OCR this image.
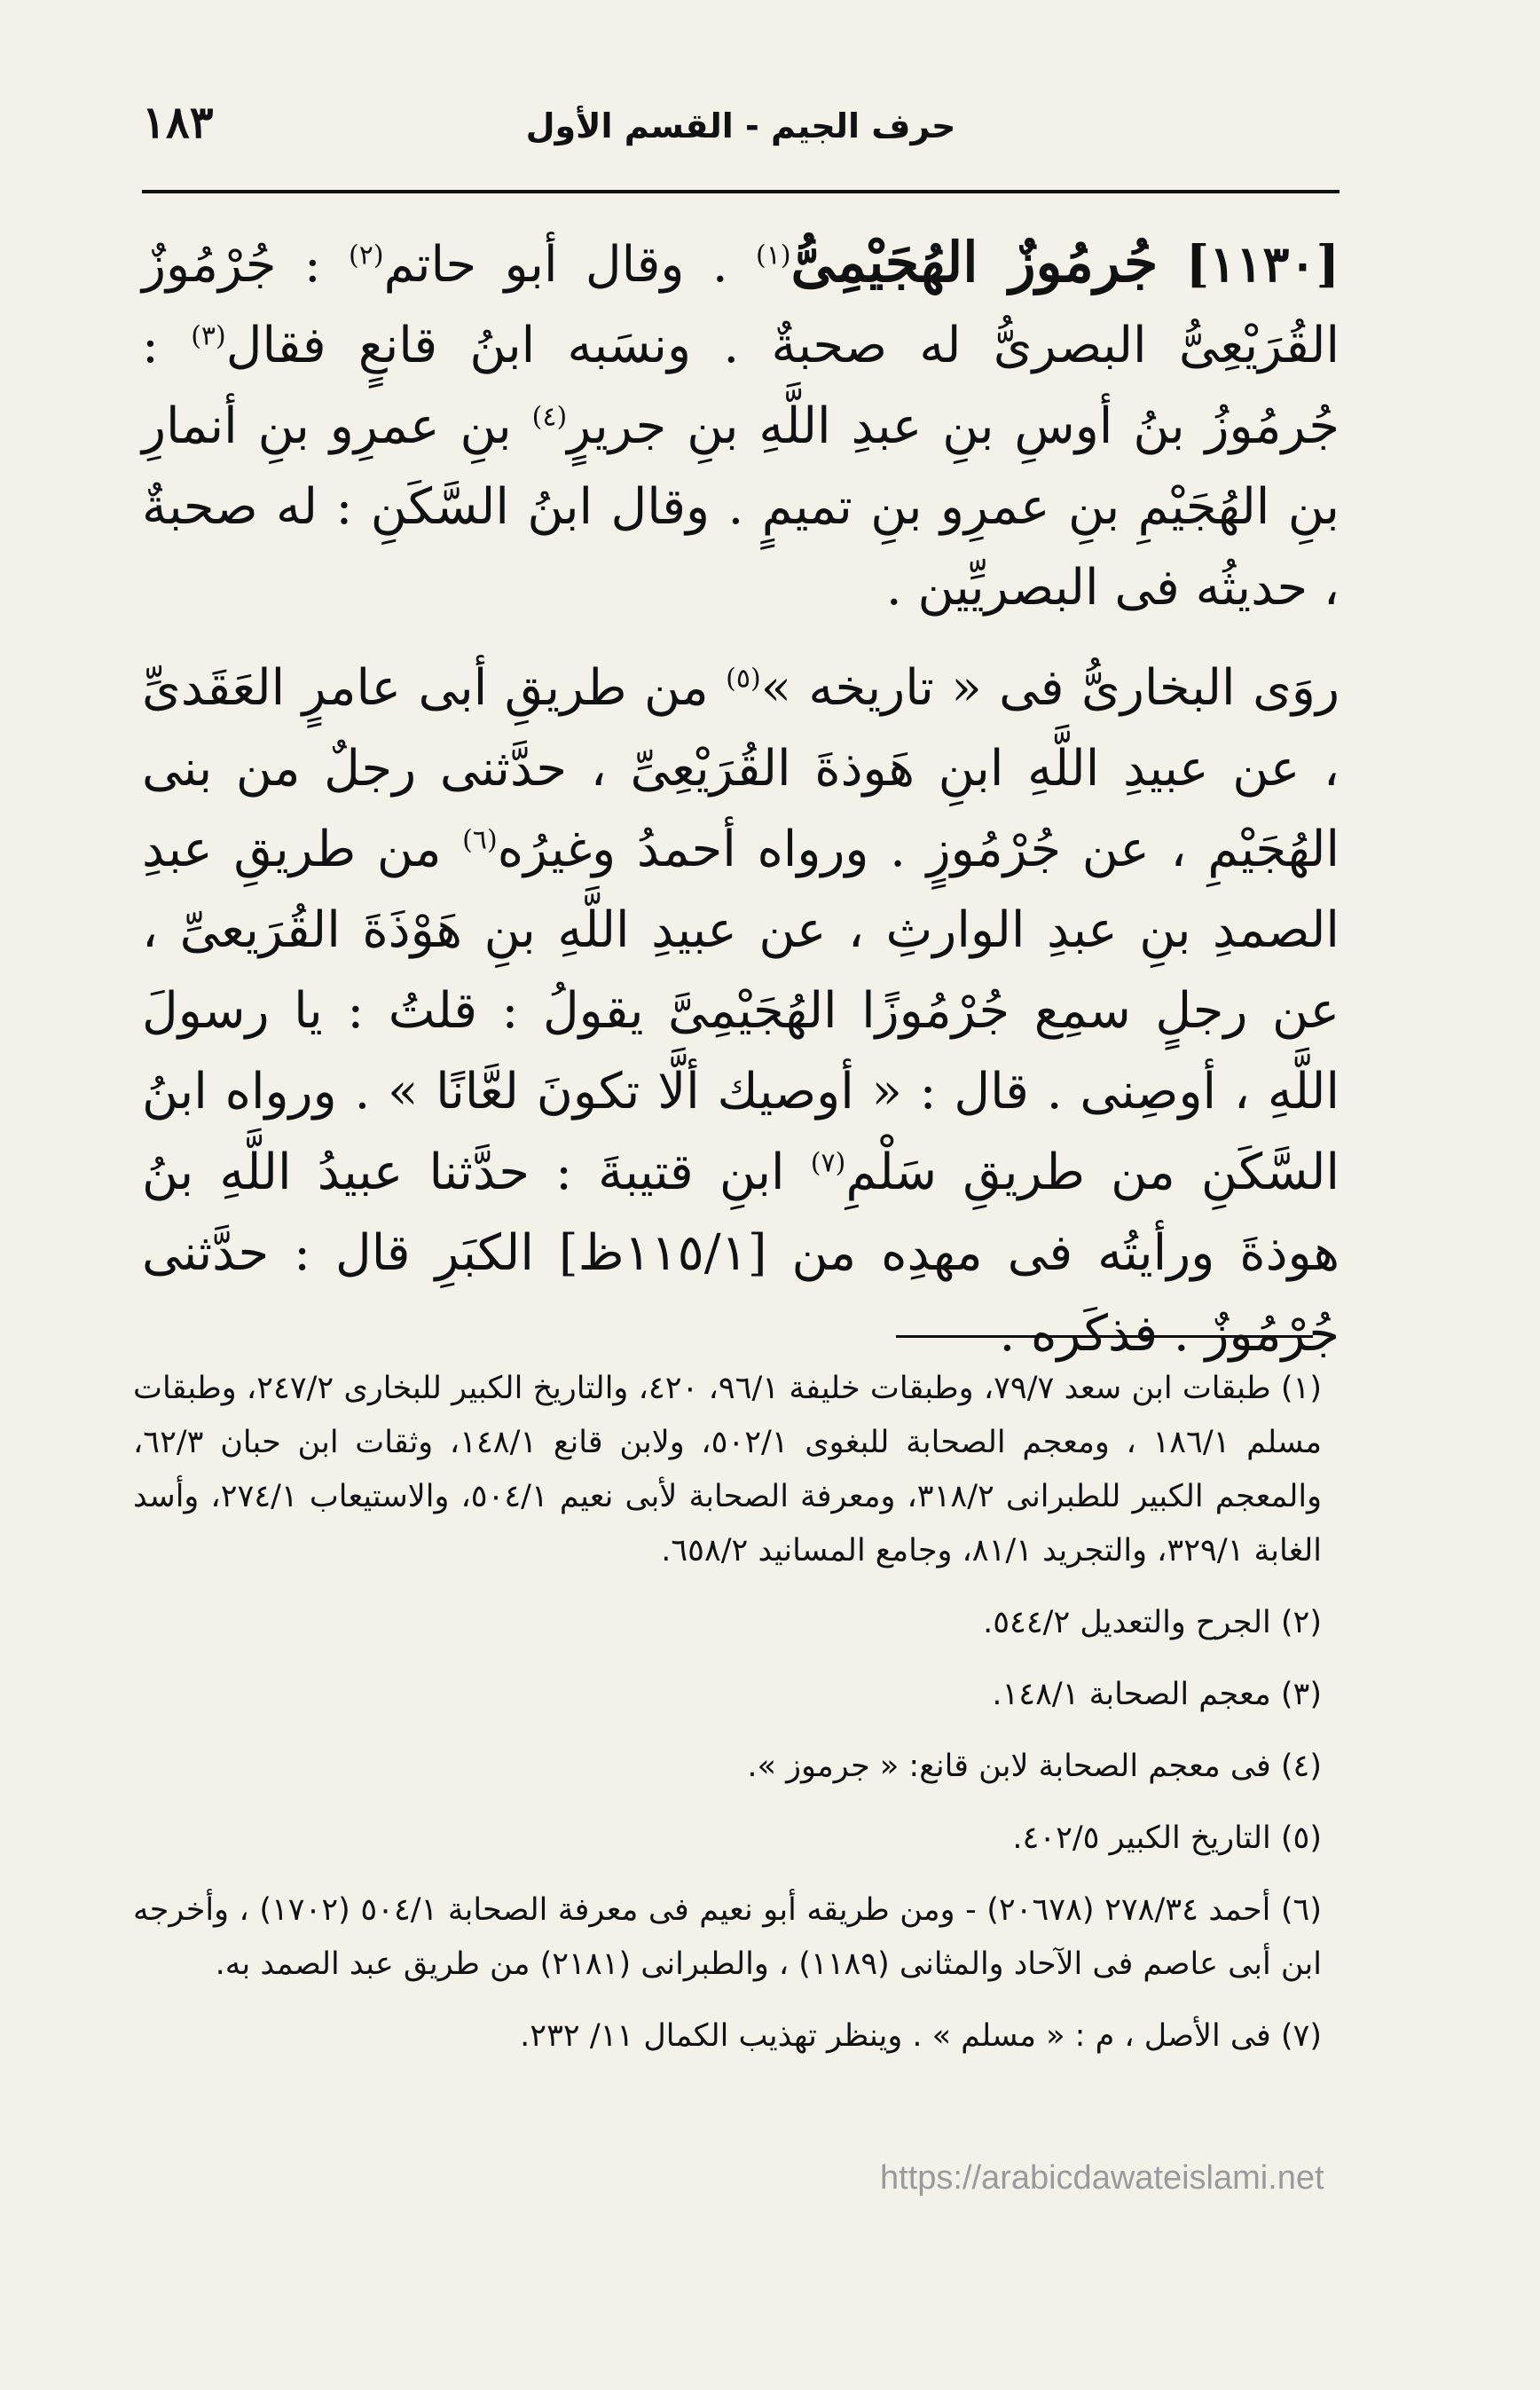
١٨٣	حرف الجيم - القسم الأول

[١١٣٠] جُرمُوزٌ الهُجَيْمِىُّ$^{(١)}$ . وقال أبو حاتم$^{(٢)}$ : جُرْمُوزٌ القُرَيْعِىُّ البصرىُّ له صحبةٌ . ونسَبه ابنُ قانعٍ فقال$^{(٣)}$ : جُرمُوزُ بنُ أوسِ بنِ عبدِ اللَّهِ بنِ جريرٍ$^{(٤)}$ بنِ عمرِو بنِ أنمارِ بنِ الهُجَيْمِ بنِ عمرِو بنِ تميمٍ . وقال ابنُ السَّكَنِ : له صحبةٌ ، حديثُه فى البصريِّين .

روَى البخارىُّ فى « تاريخه »$^{(٥)}$ من طريقِ أبى عامرٍ العَقَدىِّ ، عن عبيدِ اللَّهِ ابنِ هَوذةَ القُرَيْعِىِّ ، حدَّثنى رجلٌ من بنى الهُجَيْمِ ، عن جُرْمُوزٍ . ورواه أحمدُ وغيرُه$^{(٦)}$ من طريقِ عبدِ الصمدِ بنِ عبدِ الوارثِ ، عن عبيدِ اللَّهِ بنِ هَوْذَةَ القُرَيعىِّ ، عن رجلٍ سمِع جُرْمُوزًا الهُجَيْمِىَّ يقولُ : قلتُ : يا رسولَ اللَّهِ ، أوصِنى . قال : « أوصيك ألَّا تكونَ لعَّانًا » . ورواه ابنُ السَّكَنِ من طريقِ سَلْمِ$^{(٧)}$ ابنِ قتيبةَ : حدَّثنا عبيدُ اللَّهِ بنُ هوذةَ ورأيتُه فى مهدِه من [١١٥/١ظ] الكبَرِ قال : حدَّثنى جُرْمُوزٌ . فذكَره .

(١) طبقات ابن سعد ٧٩/٧، وطبقات خليفة ٩٦/١، ٤٢٠، والتاريخ الكبير للبخارى ٢٤٧/٢، وطبقات مسلم ١٨٦/١ ، ومعجم الصحابة للبغوى ٥٠٢/١، ولابن قانع ١٤٨/١، وثقات ابن حبان ٦٢/٣، والمعجم الكبير للطبرانى ٣١٨/٢، ومعرفة الصحابة لأبى نعيم ٥٠٤/١، والاستيعاب ٢٧٤/١، وأسد الغابة ٣٢٩/١، والتجريد ٨١/١، وجامع المسانيد ٦٥٨/٢.

(٢) الجرح والتعديل ٥٤٤/٢.

(٣) معجم الصحابة ١٤٨/١.

(٤) فى معجم الصحابة لابن قانع: « جرموز ».

(٥) التاريخ الكبير ٤٠٢/٥.

(٦) أحمد ٢٧٨/٣٤ (٢٠٦٧٨) - ومن طريقه أبو نعيم فى معرفة الصحابة ٥٠٤/١ (١٧٠٢) ، وأخرجه ابن أبى عاصم فى الآحاد والمثانى (١١٨٩) ، والطبرانى (٢١٨١) من طريق عبد الصمد به.

(٧) فى الأصل ، م : « مسلم » . وينظر تهذيب الكمال ١١/ ٢٣٢.

https://arabicdawateislami.net
